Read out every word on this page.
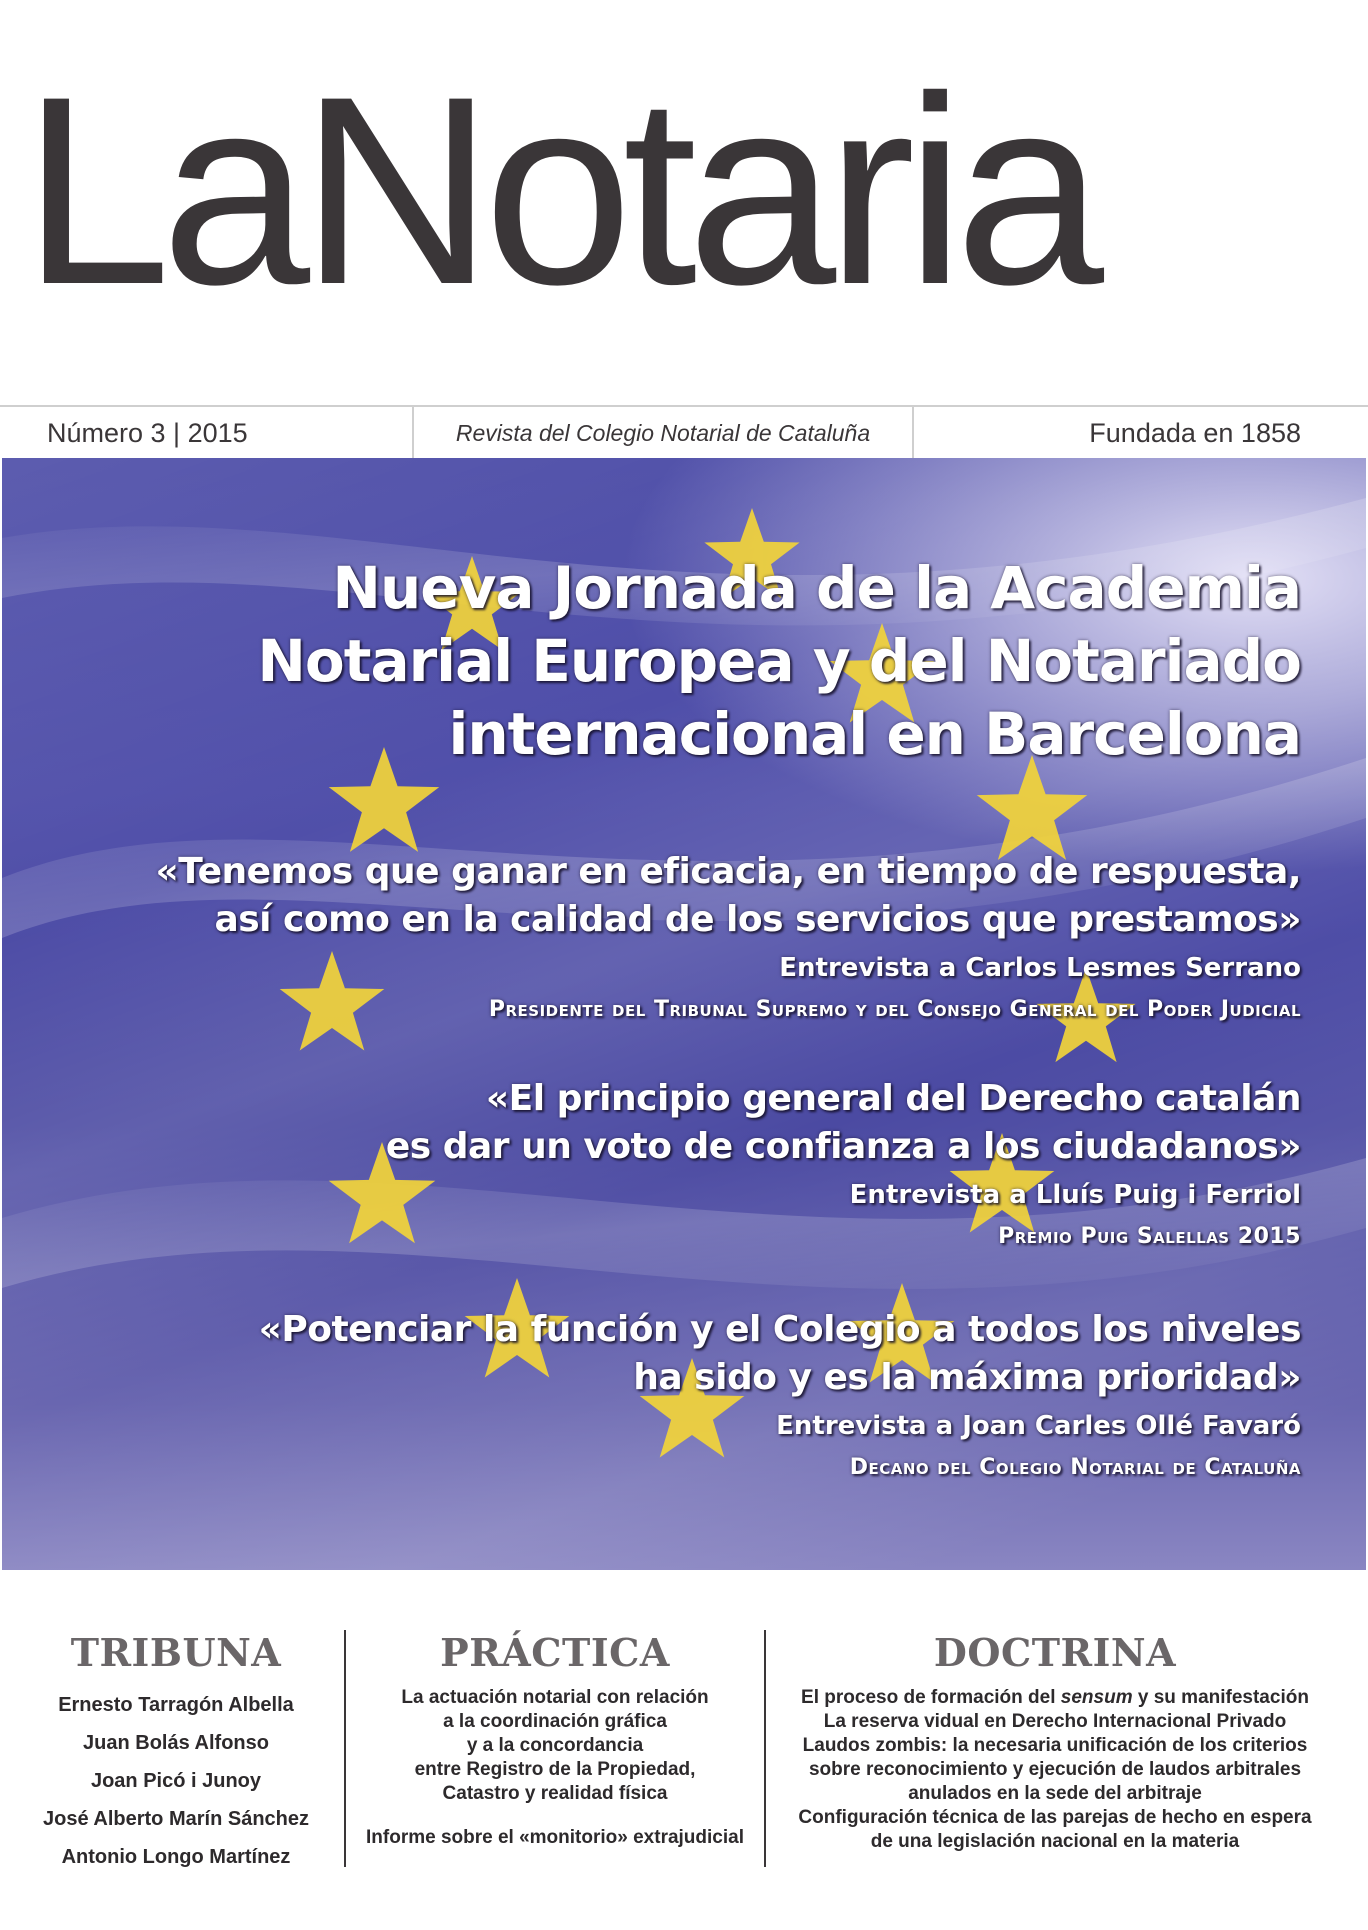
LaNotaria
Número 3 | 2015	Revista del Colegio Notarial de Cataluña	Fundada en 1858
Nueva Jornada de la Academia
Notarial Europea y del Notariado
internacional en Barcelona
«Tenemos que ganar en eficacia, en tiempo de respuesta,
así como en la calidad de los servicios que prestamos»
Entrevista a Carlos Lesmes Serrano
Presidente del Tribunal Supremo y del Consejo General del Poder Judicial
«El principio general del Derecho catalán
es dar un voto de confianza a los ciudadanos»
Entrevista a Lluís Puig i Ferriol
Premio Puig Salellas 2015
«Potenciar la función y el Colegio a todos los niveles
ha sido y es la máxima prioridad»
Entrevista a Joan Carles Ollé Favaró
Decano del Colegio Notarial de Cataluña
TRIBUNA
Ernesto Tarragón Albella
Juan Bolás Alfonso
Joan Picó i Junoy
José Alberto Marín Sánchez
Antonio Longo Martínez
PRÁCTICA
La actuación notarial con relación
a la coordinación gráfica
y a la concordancia
entre Registro de la Propiedad,
Catastro y realidad física
Informe sobre el «monitorio» extrajudicial
DOCTRINA
El proceso de formación del sensum y su manifestación
La reserva vidual en Derecho Internacional Privado
Laudos zombis: la necesaria unificación de los criterios
sobre reconocimiento y ejecución de laudos arbitrales
anulados en la sede del arbitraje
Configuración técnica de las parejas de hecho en espera
de una legislación nacional en la materia
